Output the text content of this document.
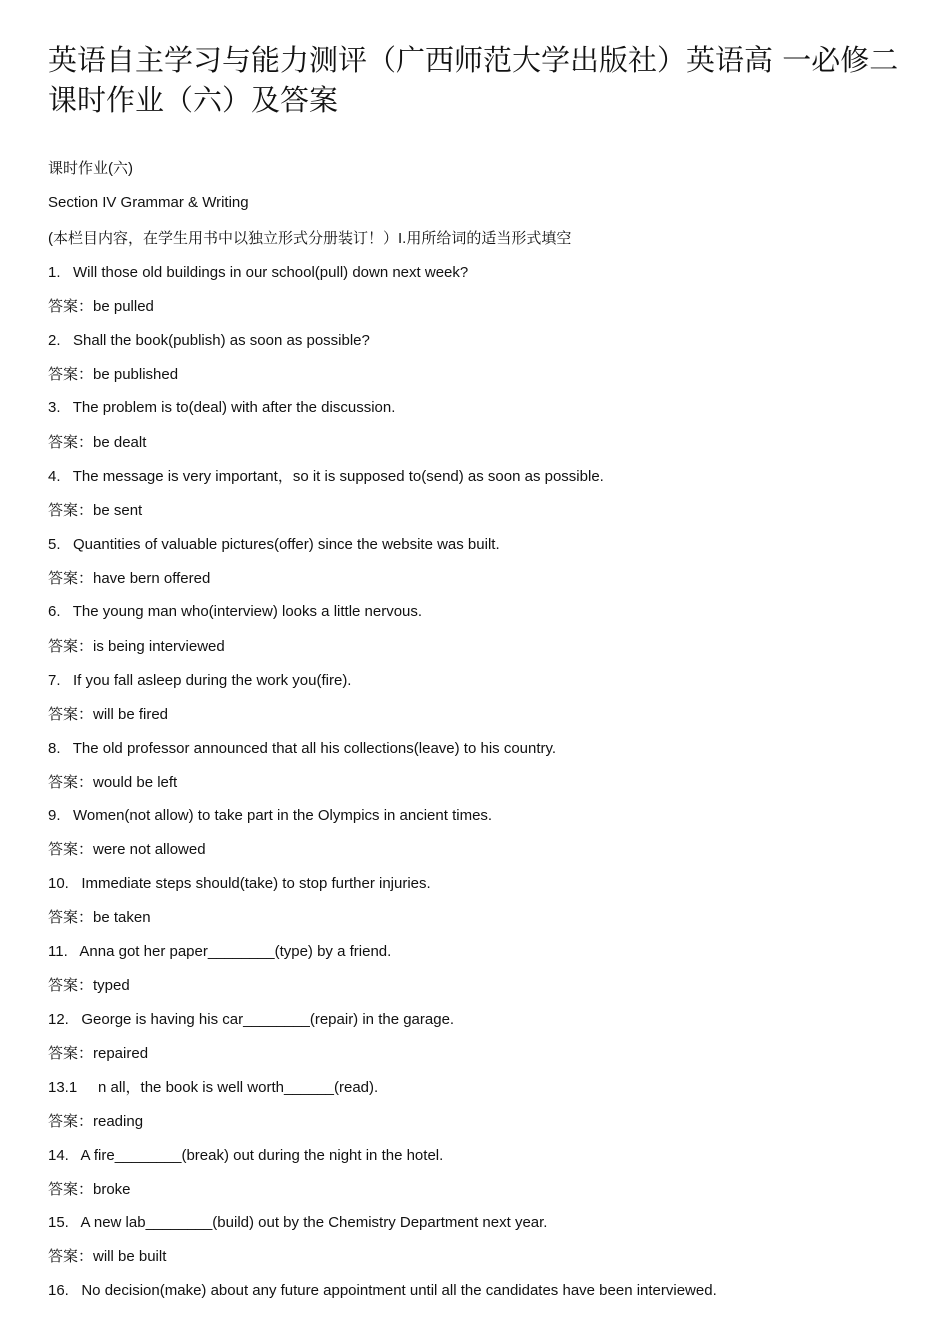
英语自主学习与能力测评（广西师范大学出版社）英语高 一必修二课时作业（六）及答案
课时作业(六)
Section IV Grammar & Writing
(本栏目内容，在学生用书中以独立形式分册装订！）I.用所给词的适当形式填空
1.   Will those old buildings in our school(pull) down next week?
答案：be pulled
2.   Shall the book(publish) as soon as possible?
答案：be published
3.   The problem is to(deal) with after the discussion.
答案：be dealt
4.   The message is very important，so it is supposed to(send) as soon as possible.
答案：be sent
5.   Quantities of valuable pictures(offer) since the website was built.
答案：have bern offered
6.   The young man who(interview) looks a little nervous.
答案：is being interviewed
7.   If you fall asleep during the work you(fire).
答案：will be fired
8.   The old professor announced that all his collections(leave) to his country.
答案：would be left
9.   Women(not allow) to take part in the Olympics in ancient times.
答案：were not allowed
10.   Immediate steps should(take) to stop further injuries.
答案：be taken
11.   Anna got her paper________(type) by a friend.
答案：typed
12.   George is having his car________(repair) in the garage.
答案：repaired
13.1     n all，the book is well worth______(read).
答案：reading
14.   A fire________(break) out during the night in the hotel.
答案：broke
15.   A new lab________(build) out by the Chemistry Department next year.
答案：will be built
16.   No decision(make) about any future appointment until all the candidates have been interviewed.
